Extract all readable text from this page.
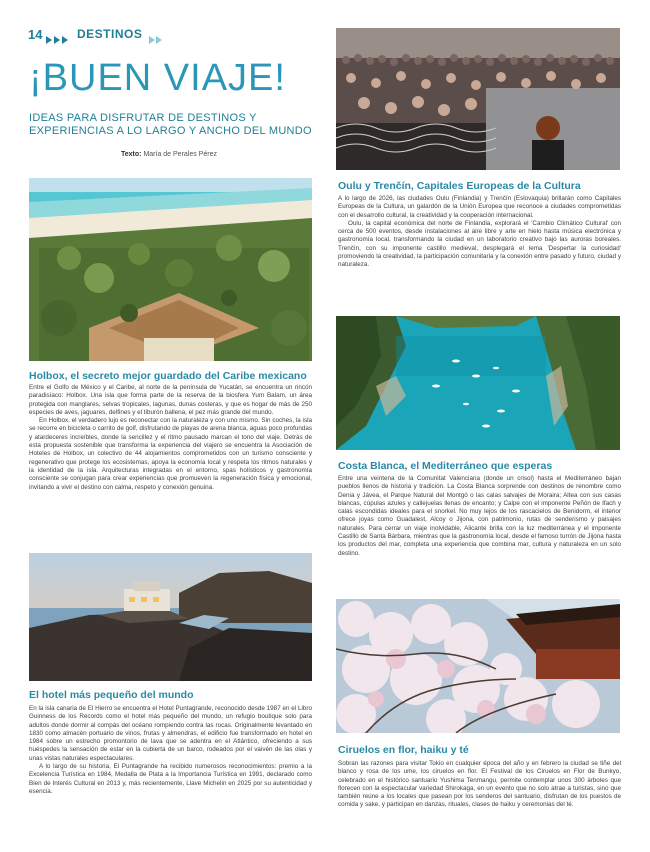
14	DESTINOS
¡BUEN VIAJE!
IDEAS PARA DISFRUTAR DE DESTINOS Y EXPERIENCIAS A LO LARGO Y ANCHO DEL MUNDO
Texto: María de Perales Pérez
Holbox, el secreto mejor guardado del Caribe mexicano

Entre el Golfo de México y el Caribe, al norte de la península de Yucatán, se encuentra un rincón paradisíaco: Holbox. Una isla que forma parte de la reserva de la biosfera Yum Balam, un área protegida con manglares, selvas tropicales, lagunas, dunas costeras, y que es hogar de más de 250 especies de aves, jaguares, delfines y el tiburón ballena, el pez más grande del mundo.

En Holbox, el verdadero lujo es reconectar con la naturaleza y con uno mismo. Sin coches, la isla se recorre en bicicleta o carrito de golf, disfrutando de playas de arena blanca, aguas poco profundas y atardeceres increíbles, donde la sencillez y el ritmo pausado marcan el tono del viaje. Detrás de esta propuesta sostenible que transforma la experiencia del viajero se encuentra la Asociación de Hoteles de Holbox, un colectivo de 44 alojamientos comprometidos con un turismo consciente y regenerativo que protege los ecosistemas, apoya la economía local y respeta los ritmos naturales y la identidad de la isla. Arquitecturas integradas en el entorno, spas holísticos y gastronomía consciente se conjugan para crear experiencias que promueven la regeneración física y emocional, invitando a vivir el destino con calma, respeto y conexión genuina.

El hotel más pequeño del mundo

En la isla canaria de El Hierro se encuentra el Hotel Puntagrande, reconocido desde 1987 en el Libro Guinness de los Récords como el hotel más pequeño del mundo, un refugio boutique solo para adultos donde dormir al compás del océano rompiendo contra las rocas. Originalmente levantado en 1830 como almacén portuario de vinos, frutas y almendras, el edificio fue transformado en hotel en 1984 sobre un estrecho promontorio de lava que se adentra en el Atlántico, ofreciendo a sus huéspedes la sensación de estar en la cubierta de un barco, rodeados por el vaivén de las olas y unas vistas naturales espectaculares.

A lo largo de su historia, El Puntagrande ha recibido numerosos reconocimientos: premio a la Excelencia Turística en 1984, Medalla de Plata a la Importancia Turística en 1991, declarado como Bien de Interés Cultural en 2013 y, más recientemente, Llave Michelin en 2025 por su autenticidad y esencia.

Oulu y Trenčín, Capitales Europeas de la Cultura

A lo largo de 2026, las ciudades Oulu (Finlandia) y Trenčín (Eslovaquia) brillarán como Capitales Europeas de la Cultura, un galardón de la Unión Europea que reconoce a ciudades comprometidas con el desarrollo cultural, la creatividad y la cooperación internacional.

Oulu, la capital económica del norte de Finlandia, explorará el 'Cambio Climático Cultural' con cerca de 500 eventos, desde instalaciones al aire libre y arte en hielo hasta música electrónica y gastronomía local, transformando la ciudad en un laboratorio creativo bajo las auroras boreales. Trenčín, con su imponente castillo medieval, desplegará el lema 'Despertar la curiosidad' promoviendo la creatividad, la participación comunitaria y la conexión entre pasado y futuro, ciudad y naturaleza.

Costa Blanca, el Mediterráneo que esperas

Entre una veintena de la Comunitat Valenciana (donde un crisol) hasta el Mediterráneo bajan pueblos llenos de historia y tradición. La Costa Blanca sorprende con destinos de renombre como Denia y Jávea, el Parque Natural del Montgó o las calas salvajes de Moraira; Altea con sus casas blancas, cúpulas azules y callejuelas llenas de encanto; y Calpe con el imponente Peñón de Ifach y calas escondidas ideales para el snorkel. No muy lejos de los rascacielos de Benidorm, el interior ofrece joyas como Guadalest, Alcoy o Jijona, con patrimonio, rutas de senderismo y paisajes naturales. Para cerrar un viaje inolvidable, Alicante brilla con la luz mediterránea y el imponente Castillo de Santa Bárbara, mientras que la gastronomía local, desde el famoso turrón de Jijona hasta los productos del mar, completa una experiencia que combina mar, cultura y naturaleza en un solo destino.

Ciruelos en flor, haiku y té

Sobran las razones para visitar Tokio en cualquier época del año y en febrero la ciudad se tiñe del blanco y rosa de los ume, los ciruelos en flor. El Festival de los Ciruelos en Flor de Bunkyo, celebrado en el histórico santuario Yushima Tenmangu, permite contemplar unos 300 árboles que florecen con la espectacular variedad Shirokaga, en un evento que no solo atrae a turistas, sino que también reúne a los locales que pasean por los senderos del santuario, disfrutan de los puestos de comida y sake, y participan en danzas, rituales, clases de haiku y ceremonias del té.
